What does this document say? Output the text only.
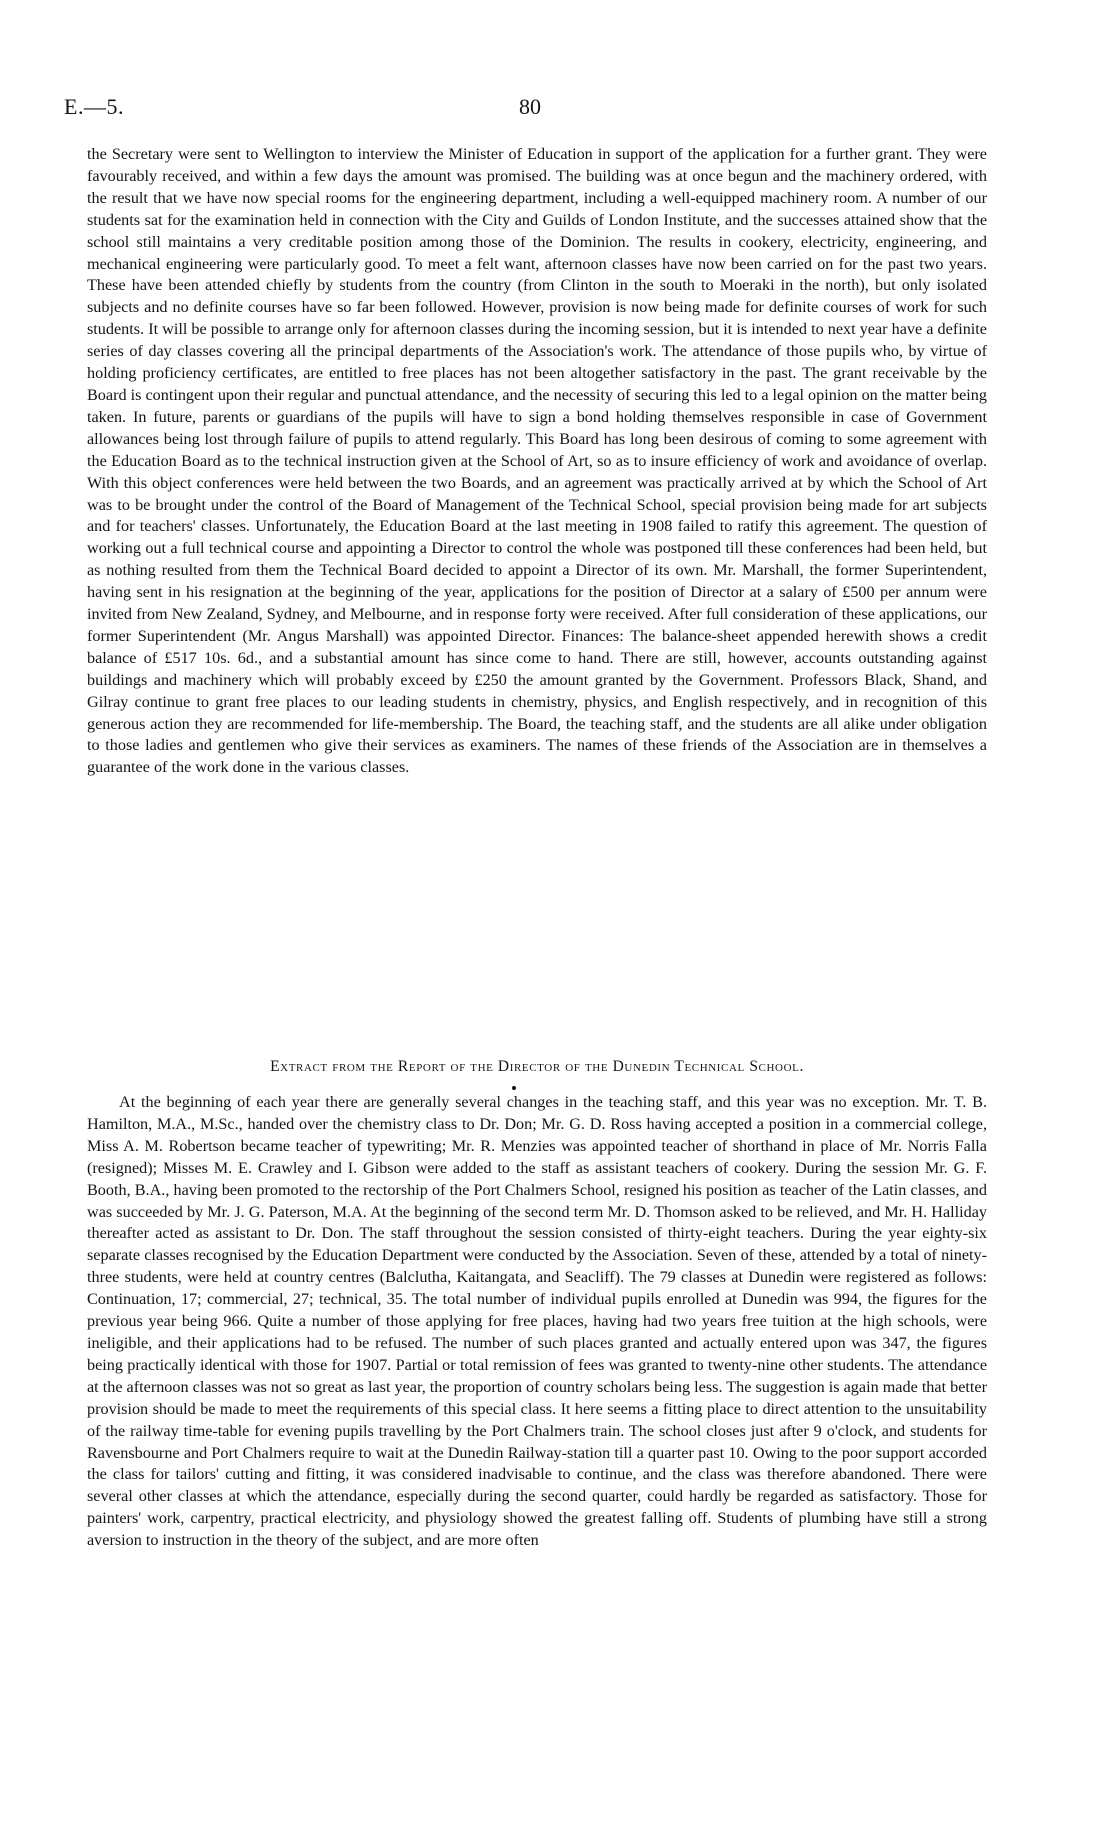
E.—5.	80

the Secretary were sent to Wellington to interview the Minister of Education in support of the application for a further grant. They were favourably received, and within a few days the amount was promised. The building was at once begun and the machinery ordered, with the result that we have now special rooms for the engineering department, including a well-equipped machinery room. A number of our students sat for the examination held in connection with the City and Guilds of London Institute, and the successes attained show that the school still maintains a very creditable position among those of the Dominion. The results in cookery, electricity, engineering, and mechanical engineering were particularly good. To meet a felt want, afternoon classes have now been carried on for the past two years. These have been attended chiefly by students from the country (from Clinton in the south to Moeraki in the north), but only isolated subjects and no definite courses have so far been followed. However, provision is now being made for definite courses of work for such students. It will be possible to arrange only for afternoon classes during the incoming session, but it is intended to next year have a definite series of day classes covering all the principal departments of the Association's work. The attendance of those pupils who, by virtue of holding proficiency certificates, are entitled to free places has not been altogether satisfactory in the past. The grant receivable by the Board is contingent upon their regular and punctual attendance, and the necessity of securing this led to a legal opinion on the matter being taken. In future, parents or guardians of the pupils will have to sign a bond holding themselves responsible in case of Government allowances being lost through failure of pupils to attend regularly. This Board has long been desirous of coming to some agreement with the Education Board as to the technical instruction given at the School of Art, so as to insure efficiency of work and avoidance of overlap. With this object conferences were held between the two Boards, and an agreement was practically arrived at by which the School of Art was to be brought under the control of the Board of Management of the Technical School, special provision being made for art subjects and for teachers' classes. Unfortunately, the Education Board at the last meeting in 1908 failed to ratify this agreement. The question of working out a full technical course and appointing a Director to control the whole was postponed till these conferences had been held, but as nothing resulted from them the Technical Board decided to appoint a Director of its own. Mr. Marshall, the former Superintendent, having sent in his resignation at the beginning of the year, applications for the position of Director at a salary of £500 per annum were invited from New Zealand, Sydney, and Melbourne, and in response forty were received. After full consideration of these applications, our former Superintendent (Mr. Angus Marshall) was appointed Director. Finances: The balance-sheet appended herewith shows a credit balance of £517 10s. 6d., and a substantial amount has since come to hand. There are still, however, accounts outstanding against buildings and machinery which will probably exceed by £250 the amount granted by the Government. Professors Black, Shand, and Gilray continue to grant free places to our leading students in chemistry, physics, and English respectively, and in recognition of this generous action they are recommended for life-membership. The Board, the teaching staff, and the students are all alike under obligation to those ladies and gentlemen who give their services as examiners. The names of these friends of the Association are in themselves a guarantee of the work done in the various classes.

Extract from the Report of the Director of the Dunedin Technical School.

At the beginning of each year there are generally several changes in the teaching staff, and this year was no exception. Mr. T. B. Hamilton, M.A., M.Sc., handed over the chemistry class to Dr. Don; Mr. G. D. Ross having accepted a position in a commercial college, Miss A. M. Robertson became teacher of typewriting; Mr. R. Menzies was appointed teacher of shorthand in place of Mr. Norris Falla (resigned); Misses M. E. Crawley and I. Gibson were added to the staff as assistant teachers of cookery. During the session Mr. G. F. Booth, B.A., having been promoted to the rectorship of the Port Chalmers School, resigned his position as teacher of the Latin classes, and was succeeded by Mr. J. G. Paterson, M.A. At the beginning of the second term Mr. D. Thomson asked to be relieved, and Mr. H. Halliday thereafter acted as assistant to Dr. Don. The staff throughout the session consisted of thirty-eight teachers. During the year eighty-six separate classes recognised by the Education Department were conducted by the Association. Seven of these, attended by a total of ninety-three students, were held at country centres (Balclutha, Kaitangata, and Seacliff). The 79 classes at Dunedin were registered as follows: Continuation, 17; commercial, 27; technical, 35. The total number of individual pupils enrolled at Dunedin was 994, the figures for the previous year being 966. Quite a number of those applying for free places, having had two years free tuition at the high schools, were ineligible, and their applications had to be refused. The number of such places granted and actually entered upon was 347, the figures being practically identical with those for 1907. Partial or total remission of fees was granted to twenty-nine other students. The attendance at the afternoon classes was not so great as last year, the proportion of country scholars being less. The suggestion is again made that better provision should be made to meet the requirements of this special class. It here seems a fitting place to direct attention to the unsuitability of the railway time-table for evening pupils travelling by the Port Chalmers train. The school closes just after 9 o'clock, and students for Ravensbourne and Port Chalmers require to wait at the Dunedin Railway-station till a quarter past 10. Owing to the poor support accorded the class for tailors' cutting and fitting, it was considered inadvisable to continue, and the class was therefore abandoned. There were several other classes at which the attendance, especially during the second quarter, could hardly be regarded as satisfactory. Those for painters' work, carpentry, practical electricity, and physiology showed the greatest falling off. Students of plumbing have still a strong aversion to instruction in the theory of the subject, and are more often
